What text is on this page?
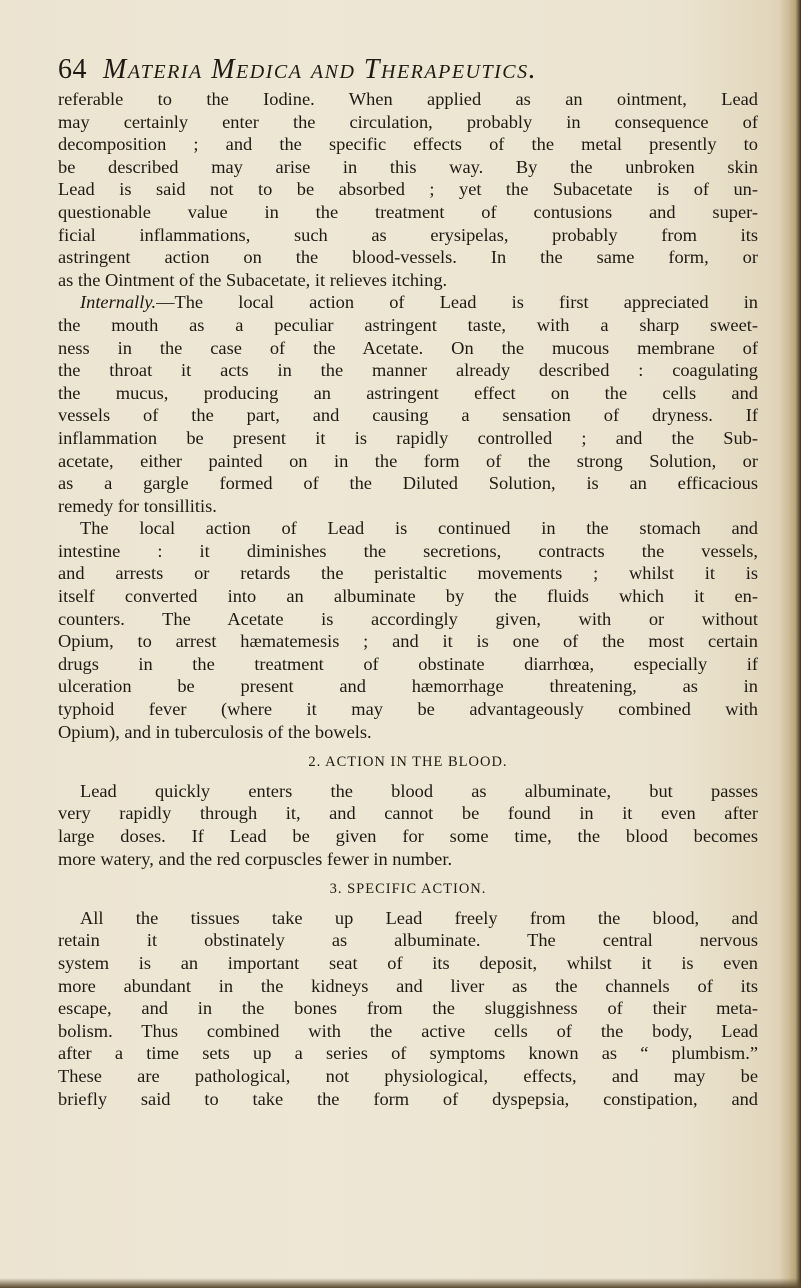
64 Materia Medica and Therapeutics.

referable to the Iodine. When applied as an ointment, Lead

may certainly enter the circulation, probably in consequence of

decomposition ; and the specific effects of the metal presently to

be described may arise in this way. By the unbroken skin

Lead is said not to be absorbed ; yet the Subacetate is of un-

questionable value in the treatment of contusions and super-

ficial inflammations, such as erysipelas, probably from its

astringent action on the blood-vessels. In the same form, or

as the Ointment of the Subacetate, it relieves itching.

Internally.—The local action of Lead is first appreciated in

the mouth as a peculiar astringent taste, with a sharp sweet-

ness in the case of the Acetate. On the mucous membrane of

the throat it acts in the manner already described : coagulating

the mucus, producing an astringent effect on the cells and

vessels of the part, and causing a sensation of dryness. If

inflammation be present it is rapidly controlled ; and the Sub-

acetate, either painted on in the form of the strong Solution, or

as a gargle formed of the Diluted Solution, is an efficacious

remedy for tonsillitis.

The local action of Lead is continued in the stomach and

intestine : it diminishes the secretions, contracts the vessels,

and arrests or retards the peristaltic movements ; whilst it is

itself converted into an albuminate by the fluids which it en-

counters. The Acetate is accordingly given, with or without

Opium, to arrest hæmatemesis ; and it is one of the most certain

drugs in the treatment of obstinate diarrhœa, especially if

ulceration be present and hæmorrhage threatening, as in

typhoid fever (where it may be advantageously combined with

Opium), and in tuberculosis of the bowels.

2. ACTION IN THE BLOOD.

Lead quickly enters the blood as albuminate, but passes

very rapidly through it, and cannot be found in it even after

large doses. If Lead be given for some time, the blood becomes

more watery, and the red corpuscles fewer in number.

3. SPECIFIC ACTION.

All the tissues take up Lead freely from the blood, and

retain it obstinately as albuminate. The central nervous

system is an important seat of its deposit, whilst it is even

more abundant in the kidneys and liver as the channels of its

escape, and in the bones from the sluggishness of their meta-

bolism. Thus combined with the active cells of the body, Lead

after a time sets up a series of symptoms known as “ plumbism.”

These are pathological, not physiological, effects, and may be

briefly said to take the form of dyspepsia, constipation, and
